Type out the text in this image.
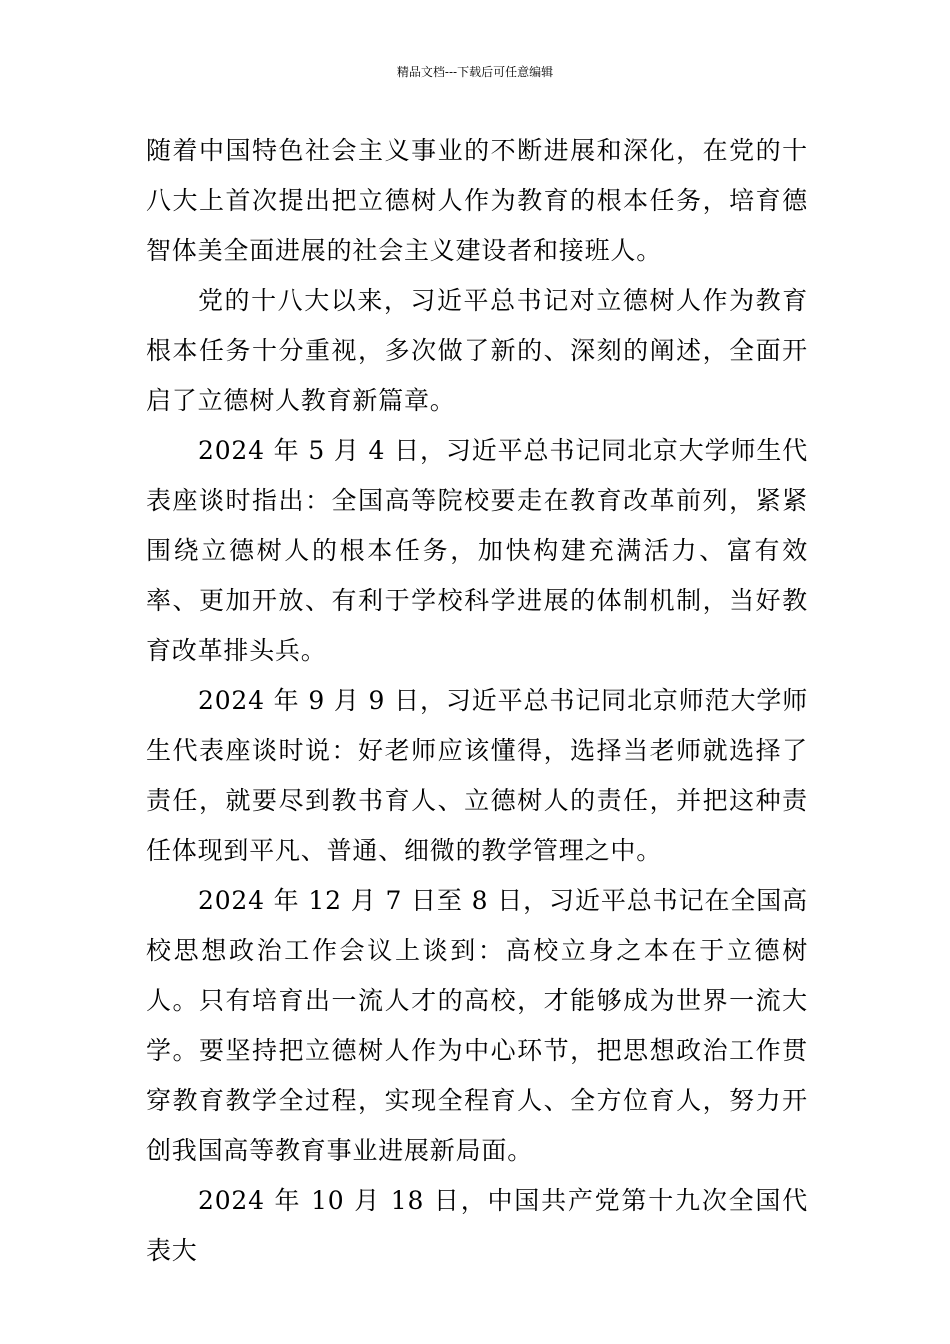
精品文档---下载后可任意编辑

随着中国特色社会主义事业的不断进展和深化，在党的十八大上首次提出把立德树人作为教育的根本任务，培育德智体美全面进展的社会主义建设者和接班人。

党的十八大以来，习近平总书记对立德树人作为教育根本任务十分重视，多次做了新的、深刻的阐述，全面开启了立德树人教育新篇章。

2024 年 5 月 4 日，习近平总书记同北京大学师生代表座谈时指出：全国高等院校要走在教育改革前列，紧紧围绕立德树人的根本任务，加快构建充满活力、富有效率、更加开放、有利于学校科学进展的体制机制，当好教育改革排头兵。

2024 年 9 月 9 日，习近平总书记同北京师范大学师生代表座谈时说：好老师应该懂得，选择当老师就选择了责任，就要尽到教书育人、立德树人的责任，并把这种责任体现到平凡、普通、细微的教学管理之中。

2024 年 12 月 7 日至 8 日，习近平总书记在全国高校思想政治工作会议上谈到：高校立身之本在于立德树人。只有培育出一流人才的高校，才能够成为世界一流大学。要坚持把立德树人作为中心环节，把思想政治工作贯穿教育教学全过程，实现全程育人、全方位育人，努力开创我国高等教育事业进展新局面。

2024 年 10 月 18 日，中国共产党第十九次全国代表大
